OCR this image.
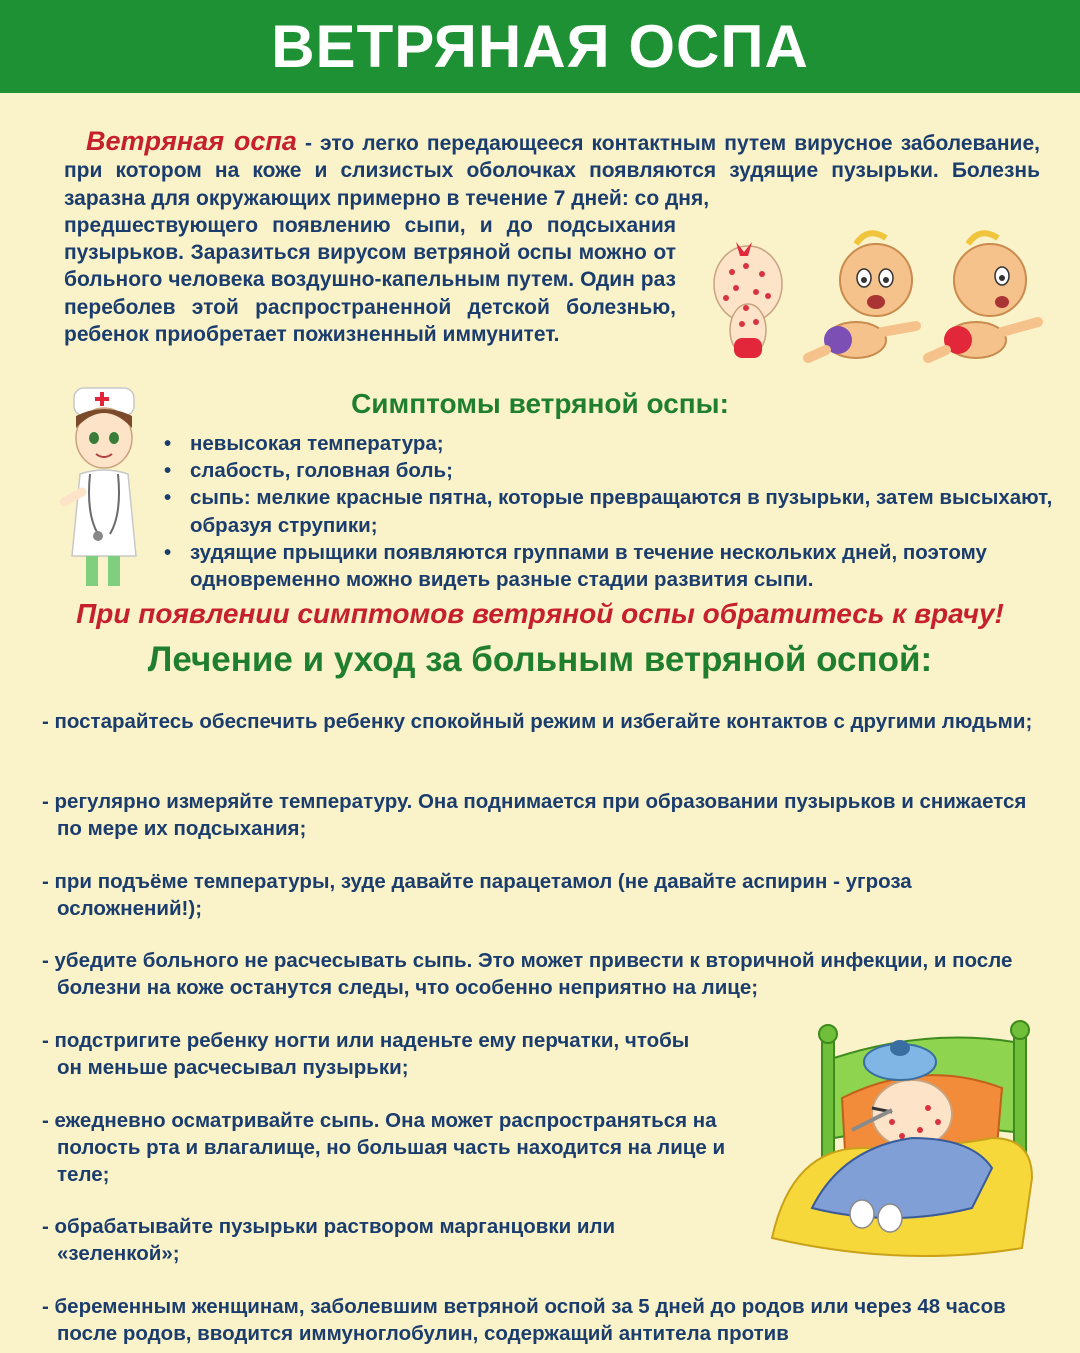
ВЕТРЯНАЯ ОСПА
Ветряная оспа - это легко передающееся контактным путем вирусное заболевание, при котором на коже и слизистых оболочках появляются зудящие пузырьки. Болезнь заразна для окружающих примерно в течение 7 дней: со дня,
предшествующего появлению сыпи, и до подсыхания пузырьков. Заразиться вирусом ветряной оспы можно от больного человека воздушно-капельным путем. Один раз переболев этой распространенной детской болезнью, ребенок приобретает пожизненный иммунитет.
Симптомы ветряной оспы:
• невысокая температура;
• слабость, головная боль;
• сыпь: мелкие красные пятна, которые превращаются в пузырьки, затем высыхают, образуя струпики;
• зудящие прыщики появляются группами в течение нескольких дней, поэтому одновременно можно видеть разные стадии развития сыпи.
При появлении симптомов ветряной оспы обратитесь к врачу!
Лечение и уход за больным ветряной оспой:
- постарайтесь обеспечить ребенку спокойный режим и избегайте контактов с другими людьми;
- регулярно измеряйте температуру. Она поднимается при образовании пузырьков и снижается по мере их подсыхания;
- при подъёме температуры, зуде давайте парацетамол (не давайте аспирин - угроза осложнений!);
- убедите больного не расчесывать сыпь. Это может привести к вторичной инфекции, и после болезни на коже останутся следы, что особенно неприятно на лице;
- подстригите ребенку ногти или наденьте ему перчатки, чтобы он меньше расчесывал пузырьки;
- ежедневно осматривайте сыпь. Она может распространяться на полость рта и влагалище, но большая часть находится на лице и теле;
- обрабатывайте пузырьки раствором марганцовки или «зеленкой»;
- беременным женщинам, заболевшим ветряной оспой за 5 дней до родов или через 48 часов после родов, вводится иммуноглобулин, содержащий антитела против
